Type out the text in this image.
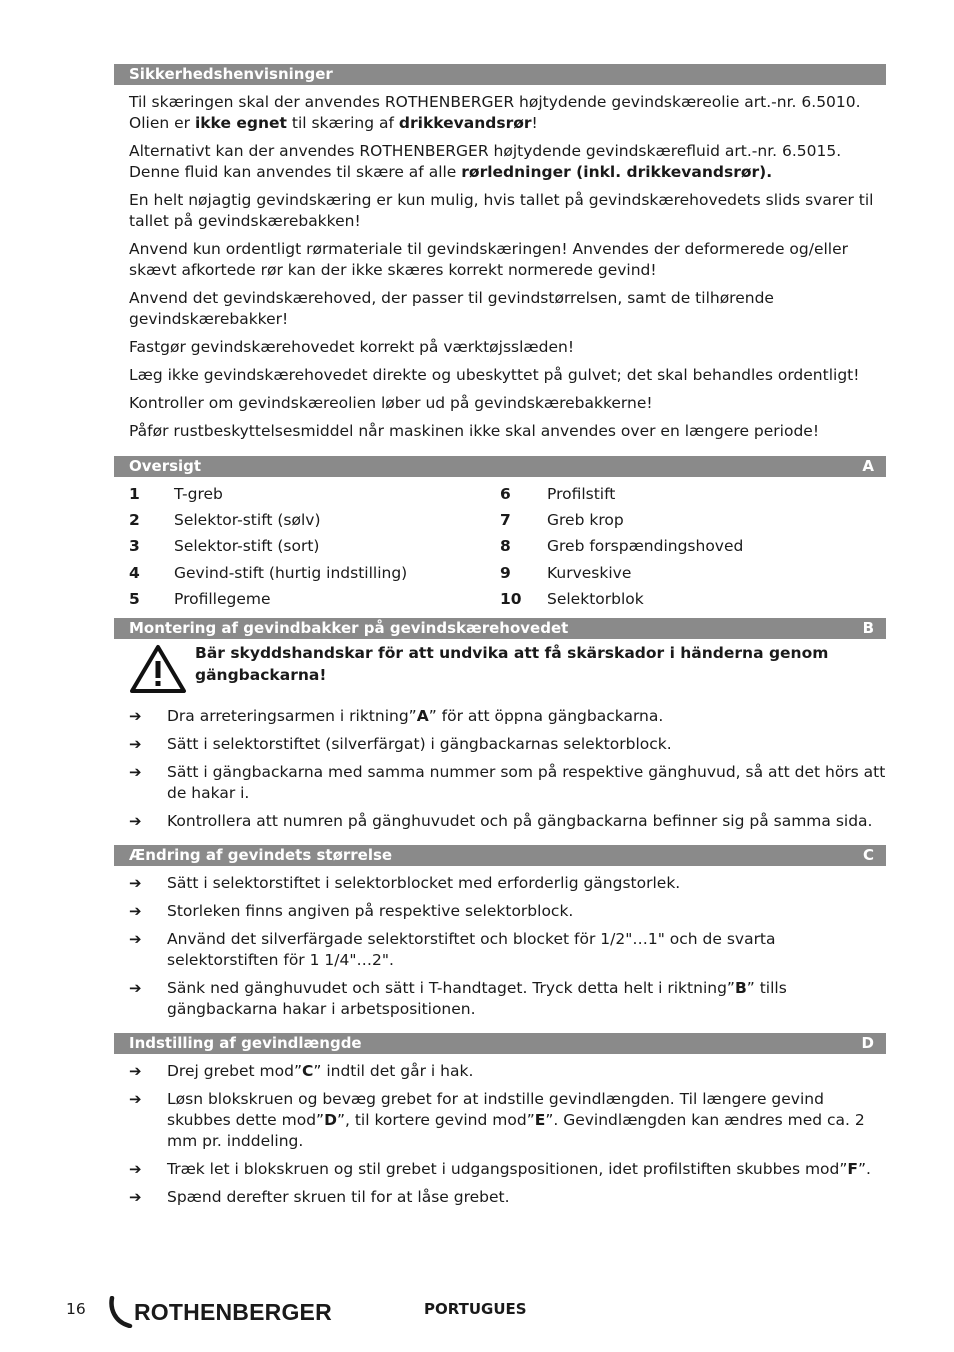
Sikkerhedshenvisninger
Til skæringen skal der anvendes ROTHENBERGER højtydende gevindskæreolie art.-nr. 6.5010. Olien er ikke egnet til skæring af drikkevandsrør!
Alternativt kan der anvendes ROTHENBERGER højtydende gevindskærefluid art.-nr. 6.5015. Denne fluid kan anvendes til skære af alle rørledninger (inkl. drikkevandsrør).
En helt nøjagtig gevindskæring er kun mulig, hvis tallet på gevindskærehovedets slids svarer til tallet på gevindskærebakken!
Anvend kun ordentligt rørmateriale til gevindskæringen! Anvendes der deformerede og/eller skævt afkortede rør kan der ikke skæres korrekt normerede gevind!
Anvend det gevindskærehoved, der passer til gevindstørrelsen, samt de tilhørende gevindskærebakker!
Fastgør gevindskærehovedet korrekt på værktøjsslæden!
Læg ikke gevindskærehovedet direkte og ubeskyttet på gulvet; det skal behandles ordentligt!
Kontroller om gevindskæreolien løber ud på gevindskærebakkerne!
Påfør rustbeskyttelsesmiddel når maskinen ikke skal anvendes over en længere periode!
Oversigt	A
1	T-greb	6	Profilstift
2	Selektor-stift (sølv)	7	Greb krop
3	Selektor-stift (sort)	8	Greb forspændingshoved
4	Gevind-stift (hurtig indstilling)	9	Kurveskive
5	Profillegeme	10	Selektorblok
Montering af gevindbakker på gevindskærehovedet	B
Bär skyddshandskar för att undvika att få skärskador i händerna genom gängbackarna!
➔	Dra arreteringsarmen i riktning”A” för att öppna gängbackarna.
➔	Sätt i selektorstiftet (silverfärgat) i gängbackarnas selektorblock.
➔	Sätt i gängbackarna med samma nummer som på respektive gänghuvud, så att det hörs att de hakar i.
➔	Kontrollera att numren på gänghuvudet och på gängbackarna befinner sig på samma sida.
Ændring af gevindets størrelse	C
➔	Sätt i selektorstiftet i selektorblocket med erforderlig gängstorlek.
➔	Storleken finns angiven på respektive selektorblock.
➔	Använd det silverfärgade selektorstiftet och blocket för 1/2"…1" och de svarta selektorstiften för 1 1/4"…2".
➔	Sänk ned gänghuvudet och sätt i T-handtaget. Tryck detta helt i riktning”B” tills gängbackarna hakar i arbetspositionen.
Indstilling af gevindlængde	D
➔	Drej grebet mod”C” indtil det går i hak.
➔	Løsn blokskruen og bevæg grebet for at indstille gevindlængden. Til længere gevind skubbes dette mod”D”, til kortere gevind mod”E”. Gevindlængden kan ændres med ca. 2 mm pr. inddeling.
➔	Træk let i blokskruen og stil grebet i udgangspositionen, idet profilstiften skubbes mod”F”.
➔	Spænd derefter skruen til for at låse grebet.
16 ROTHENBERGER	PORTUGUES
